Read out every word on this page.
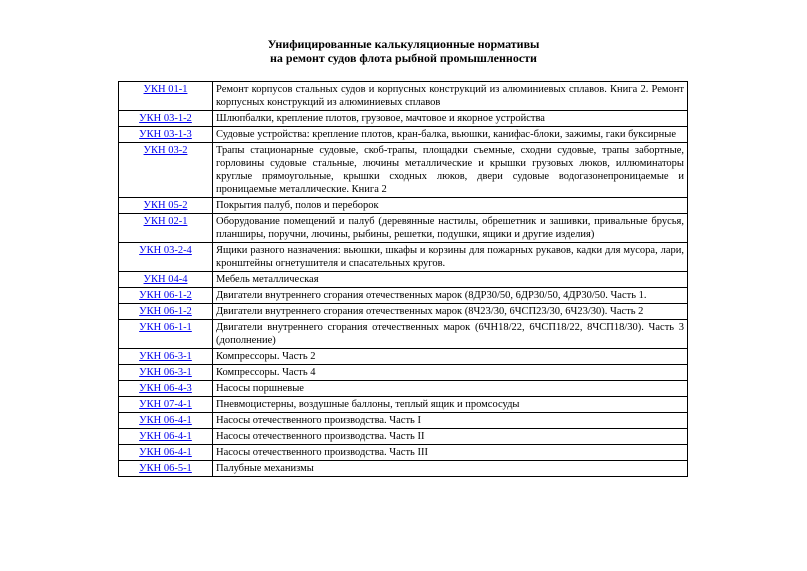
Унифицированные калькуляционные нормативы
на ремонт судов флота рыбной промышленности
УКН 01-1	Ремонт корпусов стальных судов и корпусных конструкций из алюминиевых сплавов. Книга 2. Ремонт корпусных конструкций из алюминиевых сплавов
УКН 03-1-2	Шлюпбалки, крепление плотов, грузовое, мачтовое и якорное устройства
УКН 03-1-3	Судовые устройства: крепление плотов, кран-балка, вьюшки, канифас-блоки, зажимы, гаки буксирные
УКН 03-2	Трапы стационарные судовые, скоб-трапы, площадки съемные, сходни судовые, трапы забортные, горловины судовые стальные, лючины металлические и крышки грузовых люков, иллюминаторы круглые прямоугольные, крышки сходных люков, двери судовые водогазонепроницаемые и проницаемые металлические. Книга 2
УКН 05-2	Покрытия палуб, полов и переборок
УКН 02-1	Оборудование помещений и палуб (деревянные настилы, обрешетник и зашивки, привальные брусья, планширы, поручни, лючины, рыбины, решетки, подушки, ящики и другие изделия)
УКН 03-2-4	Ящики разного назначения: вьюшки, шкафы и корзины для пожарных рукавов, кадки для мусора, лари, кронштейны огнетушителя и спасательных кругов.
УКН 04-4	Мебель металлическая
УКН 06-1-2	Двигатели внутреннего сгорания отечественных марок (8ДР30/50, 6ДР30/50, 4ДР30/50. Часть 1.
УКН 06-1-2	Двигатели внутреннего сгорания отечественных марок (8Ч23/30, 6ЧСП23/30, 6Ч23/30). Часть 2
УКН 06-1-1	Двигатели внутреннего сгорания отечественных марок (6ЧН18/22, 6ЧСП18/22, 8ЧСП18/30). Часть 3 (дополнение)
УКН 06-3-1	Компрессоры. Часть 2
УКН 06-3-1	Компрессоры. Часть 4
УКН 06-4-3	Насосы поршневые
УКН 07-4-1	Пневмоцистерны, воздушные баллоны, теплый ящик и промсосуды
УКН 06-4-1	Насосы отечественного производства. Часть I
УКН 06-4-1	Насосы отечественного производства. Часть II
УКН 06-4-1	Насосы отечественного производства. Часть III
УКН 06-5-1	Палубные механизмы
